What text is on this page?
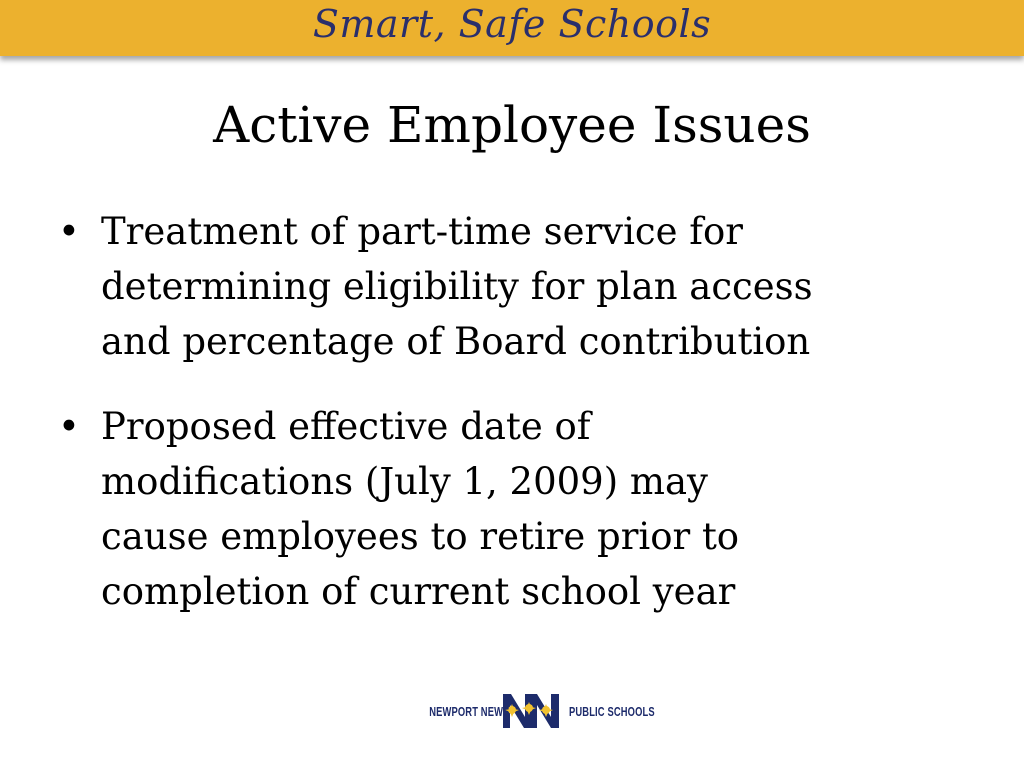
Smart, Safe Schools
Active Employee Issues
• Treatment of part-time service for
determining eligibility for plan access
and percentage of Board contribution
• Proposed effective date of
modifications (July 1, 2009) may
cause employees to retire prior to
completion of current school year
NEWPORT NEWS	PUBLIC SCHOOLS
